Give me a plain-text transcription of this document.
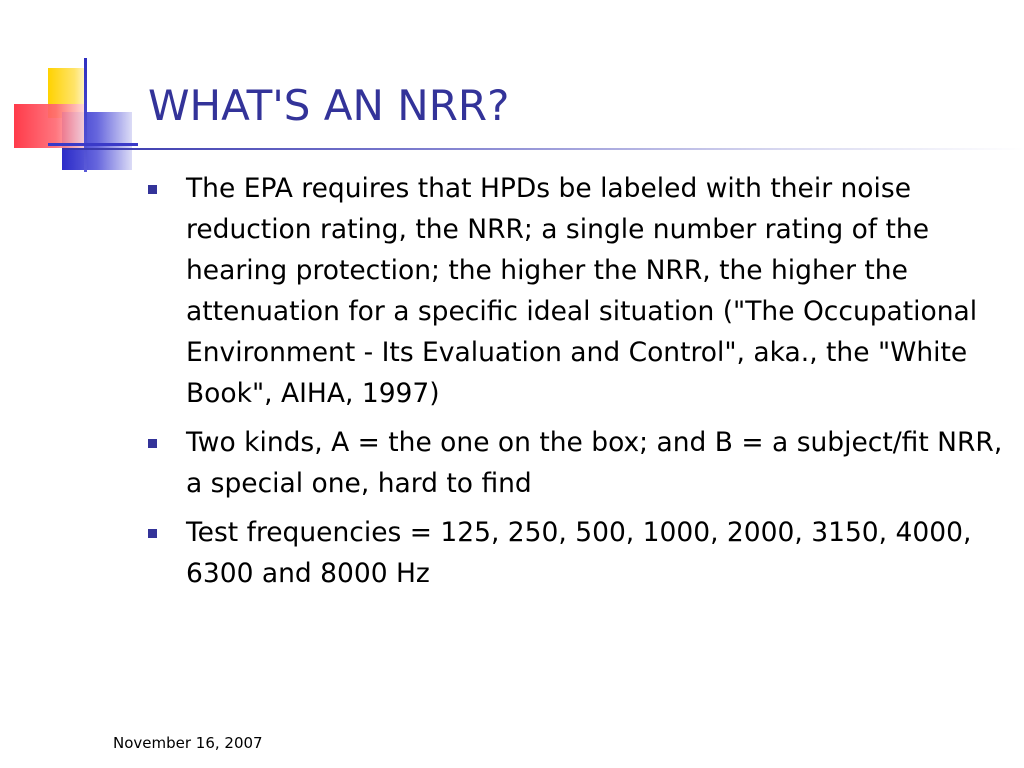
WHAT'S AN NRR?
The EPA requires that HPDs be labeled with their noise reduction rating, the NRR; a single number rating of the hearing protection; the higher the NRR, the higher the attenuation for a specific ideal situation ("The Occupational Environment - Its Evaluation and Control", aka., the "White Book", AIHA, 1997)
Two kinds, A = the one on the box; and B = a subject/fit NRR, a special one, hard to find
Test frequencies = 125, 250, 500, 1000, 2000, 3150, 4000, 6300 and 8000 Hz
November 16, 2007
